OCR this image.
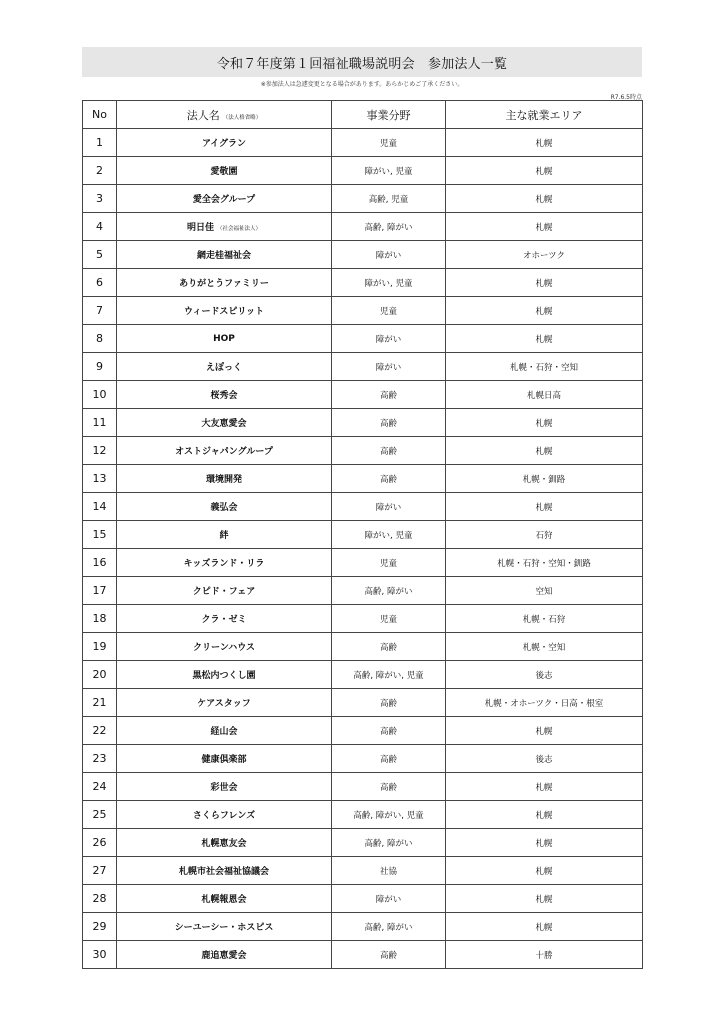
令和７年度第１回福祉職場説明会　参加法人一覧
※参加法人は急遽変更となる場合があります。あらかじめご了承ください。
R7.6.5時点
No	法人名 （法人格省略）	事業分野	主な就業エリア
1	アイグラン	児童	札幌
2	愛敬園	障がい, 児童	札幌
3	愛全会グループ	高齢, 児童	札幌
4	明日佳 （社会福祉法人）	高齢, 障がい	札幌
5	網走桂福祉会	障がい	オホーツク
6	ありがとうファミリー	障がい, 児童	札幌
7	ウィードスピリット	児童	札幌
8	HOP	障がい	札幌
9	えぽっく	障がい	札幌・石狩・空知
10	桜秀会	高齢	札幌日高
11	大友恵愛会	高齢	札幌
12	オストジャパングループ	高齢	札幌
13	環境開発	高齢	札幌・釧路
14	義弘会	障がい	札幌
15	絆	障がい, 児童	石狩
16	キッズランド・リラ	児童	札幌・石狩・空知・釧路
17	クピド・フェア	高齢, 障がい	空知
18	クラ・ゼミ	児童	札幌・石狩
19	クリーンハウス	高齢	札幌・空知
20	黒松内つくし園	高齢, 障がい, 児童	後志
21	ケアスタッフ	高齢	札幌・オホーツク・日高・根室
22	経山会	高齢	札幌
23	健康倶楽部	高齢	後志
24	彩世会	高齢	札幌
25	さくらフレンズ	高齢, 障がい, 児童	札幌
26	札幌恵友会	高齢, 障がい	札幌
27	札幌市社会福祉協議会	社協	札幌
28	札幌報恩会	障がい	札幌
29	シーユーシー・ホスピス	高齢, 障がい	札幌
30	鹿追恵愛会	高齢	十勝
